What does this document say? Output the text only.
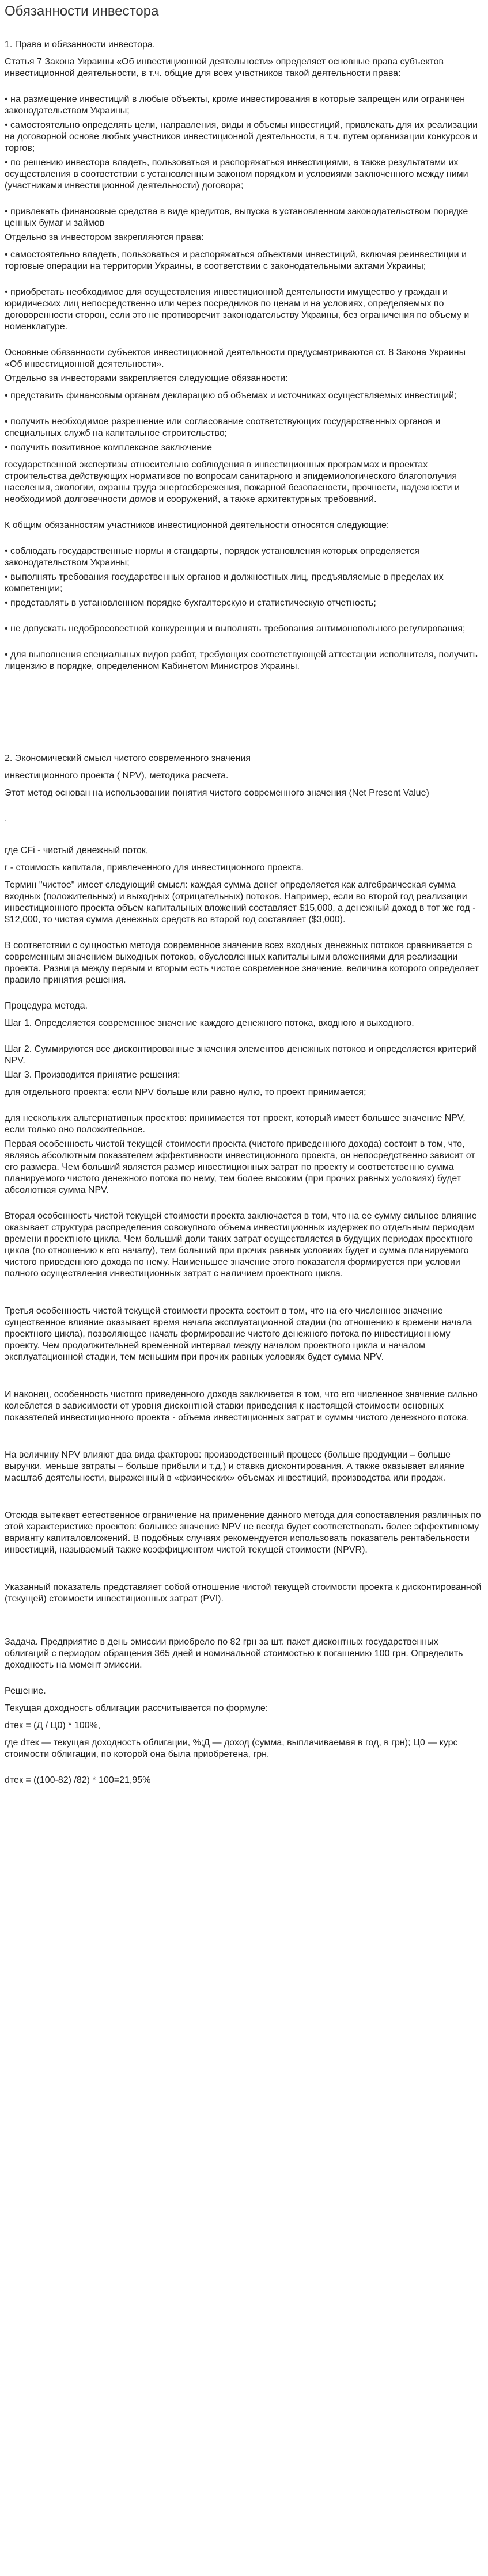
Обязанности инвестора

1. Права и обязанности инвестора.

Статья 7 Закона Украины «Об инвестиционной деятельности» определяет основные права субъектов инвестиционной деятельности, в т.ч. общие для всех участников такой деятельности права:

• на размещение инвестиций в любые объекты, кроме инвестирования в которые запрещен или ограничен законодательством Украины;

• самостоятельно определять цели, направления, виды и объемы инвестиций, привлекать для их реализации на договорной основе любых участников инвестиционной деятельности, в т.ч. путем организации конкурсов и торгов;

• по решению инвестора владеть, пользоваться и распоряжаться инвестициями, а также результатами их осуществления в соответствии с установленным законом порядком и условиями заключенного между ними (участниками инвестиционной деятельности) договора;

• привлекать финансовые средства в виде кредитов, выпуска в установленном законодательством порядке ценных бумаг и займов

Отдельно за инвестором закрепляются права:

• самостоятельно владеть, пользоваться и распоряжаться объектами инвестиций, включая реинвестиции и торговые операции на территории Украины, в соответствии с законодательными актами Украины;

• приобретать необходимое для осуществления инвестиционной деятельности имущество у граждан и юридических лиц непосредственно или через посредников по ценам и на условиях, определяемых по договоренности сторон, если это не противоречит законодательству Украины, без ограничения по объему и номенклатуре.

Основные обязанности субъектов инвестиционной деятельности предусматриваются ст. 8 Закона Украины «Об инвестиционной деятельности».

Отдельно за инвесторами закрепляется следующие обязанности:

• представить финансовым органам декларацию об объемах и источниках осуществляемых инвестиций;

• получить необходимое разрешение или согласование соответствующих государственных органов и специальных служб на капитальное строительство;

• получить позитивное комплексное заключение

государственной экспертизы относительно соблюдения в инвестиционных программах и проектах строительства действующих нормативов по вопросам санитарного и эпидемиологического благополучия населения, экологии, охраны труда энергосбережения, пожарной безопасности, прочности, надежности и необходимой долговечности домов и сооружений, а также архитектурных требований.

К общим обязанностям участников инвестиционной деятельности относятся следующие:

• соблюдать государственные нормы и стандарты, порядок установления которых определяется законодательством Украины;

• выполнять требования государственных органов и должностных лиц, предъявляемые в пределах их компетенции;

• представлять в установленном порядке бухгалтерскую и статистическую отчетность;

• не допускать недобросовестной конкуренции и выполнять требования антимонопольного регулирования;

• для выполнения специальных видов работ, требующих соответствующей аттестации исполнителя, получить лицензию в порядке, определенном Кабинетом Министров Украины.

2. Экономический смысл чистого современного значения

инвестиционного проекта ( NPV), методика расчета.

Этот метод основан на использовании понятия чистого современного значения (Net Present Value)

.

где CFi - чистый денежный поток,

r - стоимость капитала, привлеченного для инвестиционного проекта.

Термин "чистое" имеет следующий смысл: каждая сумма денег определяется как алгебраическая сумма входных (положительных) и выходных (отрицательных) потоков. Например, если во второй год реализации инвестиционного проекта объем капитальных вложений составляет $15,000, а денежный доход в тот же год - $12,000, то чистая сумма денежных средств во второй год составляет ($3,000).

В соответствии с сущностью метода современное значение всех входных денежных потоков сравнивается с современным значением выходных потоков, обусловленных капитальными вложениями для реализации проекта. Разница между первым и вторым есть чистое современное значение, величина которого определяет правило принятия решения.

Процедура метода.

Шаг 1. Определяется современное значение каждого денежного потока, входного и выходного.

Шаг 2. Суммируются все дисконтированные значения элементов денежных потоков и определяется критерий NPV.

Шаг 3. Производится принятие решения:

для отдельного проекта: если NPV больше или равно нулю, то проект принимается;

для нескольких альтернативных проектов: принимается тот проект, который имеет большее значение NPV, если только оно положительное.

Первая особенность чистой текущей стоимости проекта (чистого приведенного дохода) состоит в том, что, являясь абсолютным показателем эффективности инвестиционного проекта, он непосредственно зависит от его размера. Чем больший является размер инвестиционных затрат по проекту и соответственно сумма планируемого чистого денежного потока по нему, тем более высоким (при прочих равных условиях) будет абсолютная сумма NPV.

Вторая особенность чистой текущей стоимости проекта заключается в том, что на ее сумму сильное влияние оказывает структура распределения совокупного объема инвестиционных издержек по отдельным периодам времени проектного цикла. Чем больший доли таких затрат осуществляется в будущих периодах проектного цикла (по отношению к его началу), тем больший при прочих равных условиях будет и сумма планируемого чистого приведенного дохода по нему. Наименьшее значение этого показателя формируется при условии полного осуществления инвестиционных затрат с наличием проектного цикла.

Третья особенность чистой текущей стоимости проекта состоит в том, что на его численное значение существенное влияние оказывает время начала эксплуатационной стадии (по отношению к времени начала проектного цикла), позволяющее начать формирование чистого денежного потока по инвестиционному проекту. Чем продолжительней временной интервал между началом проектного цикла и началом эксплуатационной стадии, тем меньшим при прочих равных условиях будет сумма NPV.

И наконец, особенность чистого приведенного дохода заключается в том, что его численное значение сильно колеблется в зависимости от уровня дисконтной ставки приведения к настоящей стоимости основных показателей инвестиционного проекта - объема инвестиционных затрат и суммы чистого денежного потока.

На величину NPV влияют два вида факторов: производственный процесс (больше продукции – больше выручки, меньше затраты – больше прибыли и т.д.) и ставка дисконтирования. А также оказывает влияние масштаб деятельности, выраженный в «физических» объемах инвестиций, производства или продаж.

Отсюда вытекает естественное ограничение на применение данного метода для сопоставления различных по этой характеристике проектов: большее значение NPV не всегда будет соответствовать более эффективному варианту капиталовложений. В подобных случаях рекомендуется использовать показатель рентабельности инвестиций, называемый также коэффициентом чистой текущей стоимости (NPVR).

Указанный показатель представляет собой отношение чистой текущей стоимости проекта к дисконтированной (текущей) стоимости инвестиционных затрат (PVI).

Задача. Предприятие в день эмиссии приобрело по 82 грн за шт. пакет дисконтных государственных облигаций с периодом обращения 365 дней и номинальной стоимостью к погашению 100 грн. Определить доходность на момент эмиссии.

Решение.

Текущая доходность облигации рассчитывается по формуле:

dтек = (Д / Ц0) * 100%,

где dтек — текущая доходность облигации, %;Д — доход (сумма, выплачиваемая в год, в грн); Ц0 — курс стоимости облигации, по которой она была приобретена, грн.

dтек = ((100-82) /82) * 100=21,95%
